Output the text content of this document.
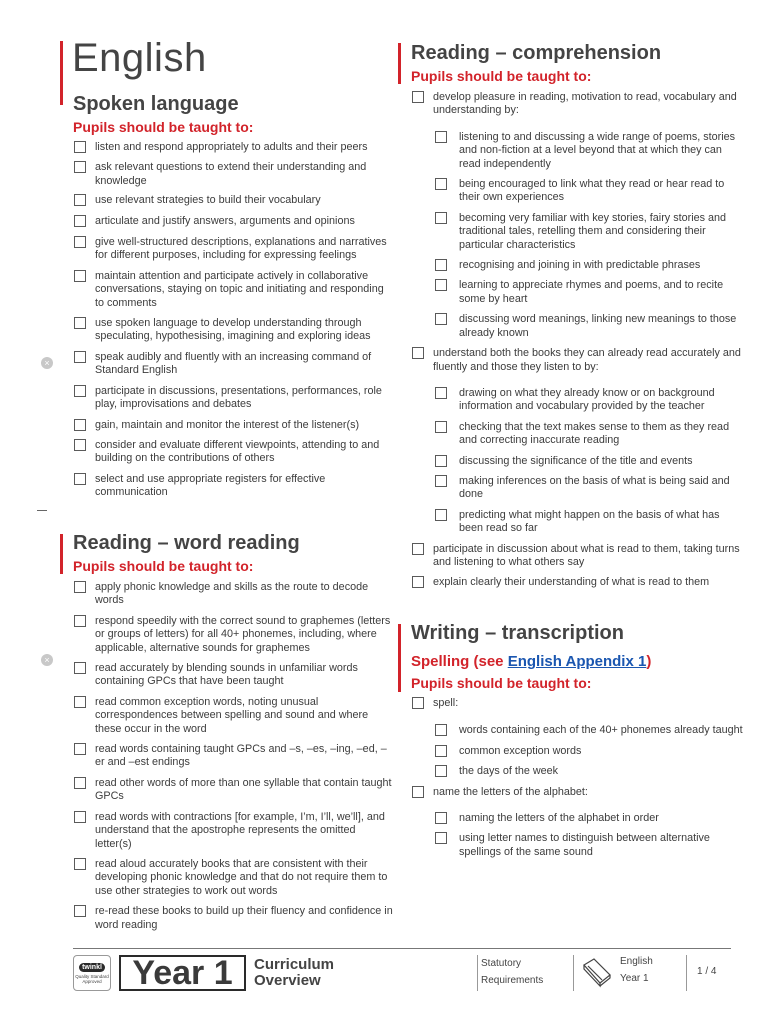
English
Spoken language
Pupils should be taught to:
listen and respond appropriately to adults and their peers
ask relevant questions to extend their understanding and knowledge
use relevant strategies to build their vocabulary
articulate and justify answers, arguments and opinions
give well-structured descriptions, explanations and narratives for different purposes, including for expressing feelings
maintain attention and participate actively in collaborative conversations, staying on topic and initiating and responding to comments
use spoken language to develop understanding through speculating, hypothesising, imagining and exploring ideas
speak audibly and fluently with an increasing command of Standard English
participate in discussions, presentations, performances, role play, improvisations and debates
gain, maintain and monitor the interest of the listener(s)
consider and evaluate different viewpoints, attending to and building on the contributions of others
select and use appropriate registers for effective communication
Reading – word reading
Pupils should be taught to:
apply phonic knowledge and skills as the route to decode words
respond speedily with the correct sound to graphemes (letters or groups of letters) for all 40+ phonemes, including, where applicable, alternative sounds for graphemes
read accurately by blending sounds in unfamiliar words containing GPCs that have been taught
read common exception words, noting unusual correspondences between spelling and sound and where these occur in the word
read words containing taught GPCs and –s, –es, –ing, –ed, –er and –est endings
read other words of more than one syllable that contain taught GPCs
read words with contractions [for example, I’m, I’ll, we’ll], and understand that the apostrophe represents the omitted letter(s)
read aloud accurately books that are consistent with their developing phonic knowledge and that do not require them to use other strategies to work out words
re-read these books to build up their fluency and confidence in word reading
×
×
Reading – comprehension
Pupils should be taught to:
develop pleasure in reading, motivation to read, vocabulary and understanding by:
listening to and discussing a wide range of poems, stories and non-fiction at a level beyond that at which they can read independently
being encouraged to link what they read or hear read to their own experiences
becoming very familiar with key stories, fairy stories and traditional tales, retelling them and considering their particular characteristics
recognising and joining in with predictable phrases
learning to appreciate rhymes and poems, and to recite some by heart
discussing word meanings, linking new meanings to those already known
understand both the books they can already read accurately and fluently and those they listen to by:
drawing on what they already know or on background information and vocabulary provided by the teacher
checking that the text makes sense to them as they read and correcting inaccurate reading
discussing the significance of the title and events
making inferences on the basis of what is being said and done
predicting what might happen on the basis of what has been read so far
participate in discussion about what is read to them, taking turns and listening to what others say
explain clearly their understanding of what is read to them
Writing – transcription
Spelling (see English Appendix 1)
Pupils should be taught to:
spell:
words containing each of the 40+ phonemes already taught
common exception words
the days of the week
name the letters of the alphabet:
naming the letters of the alphabet in order
using letter names to distinguish between alternative spellings of the same sound
twinkl
Quality Standard Approved Year 1	Curriculum
Overview
Statutory
Requirements
English
Year 1
1 / 4
